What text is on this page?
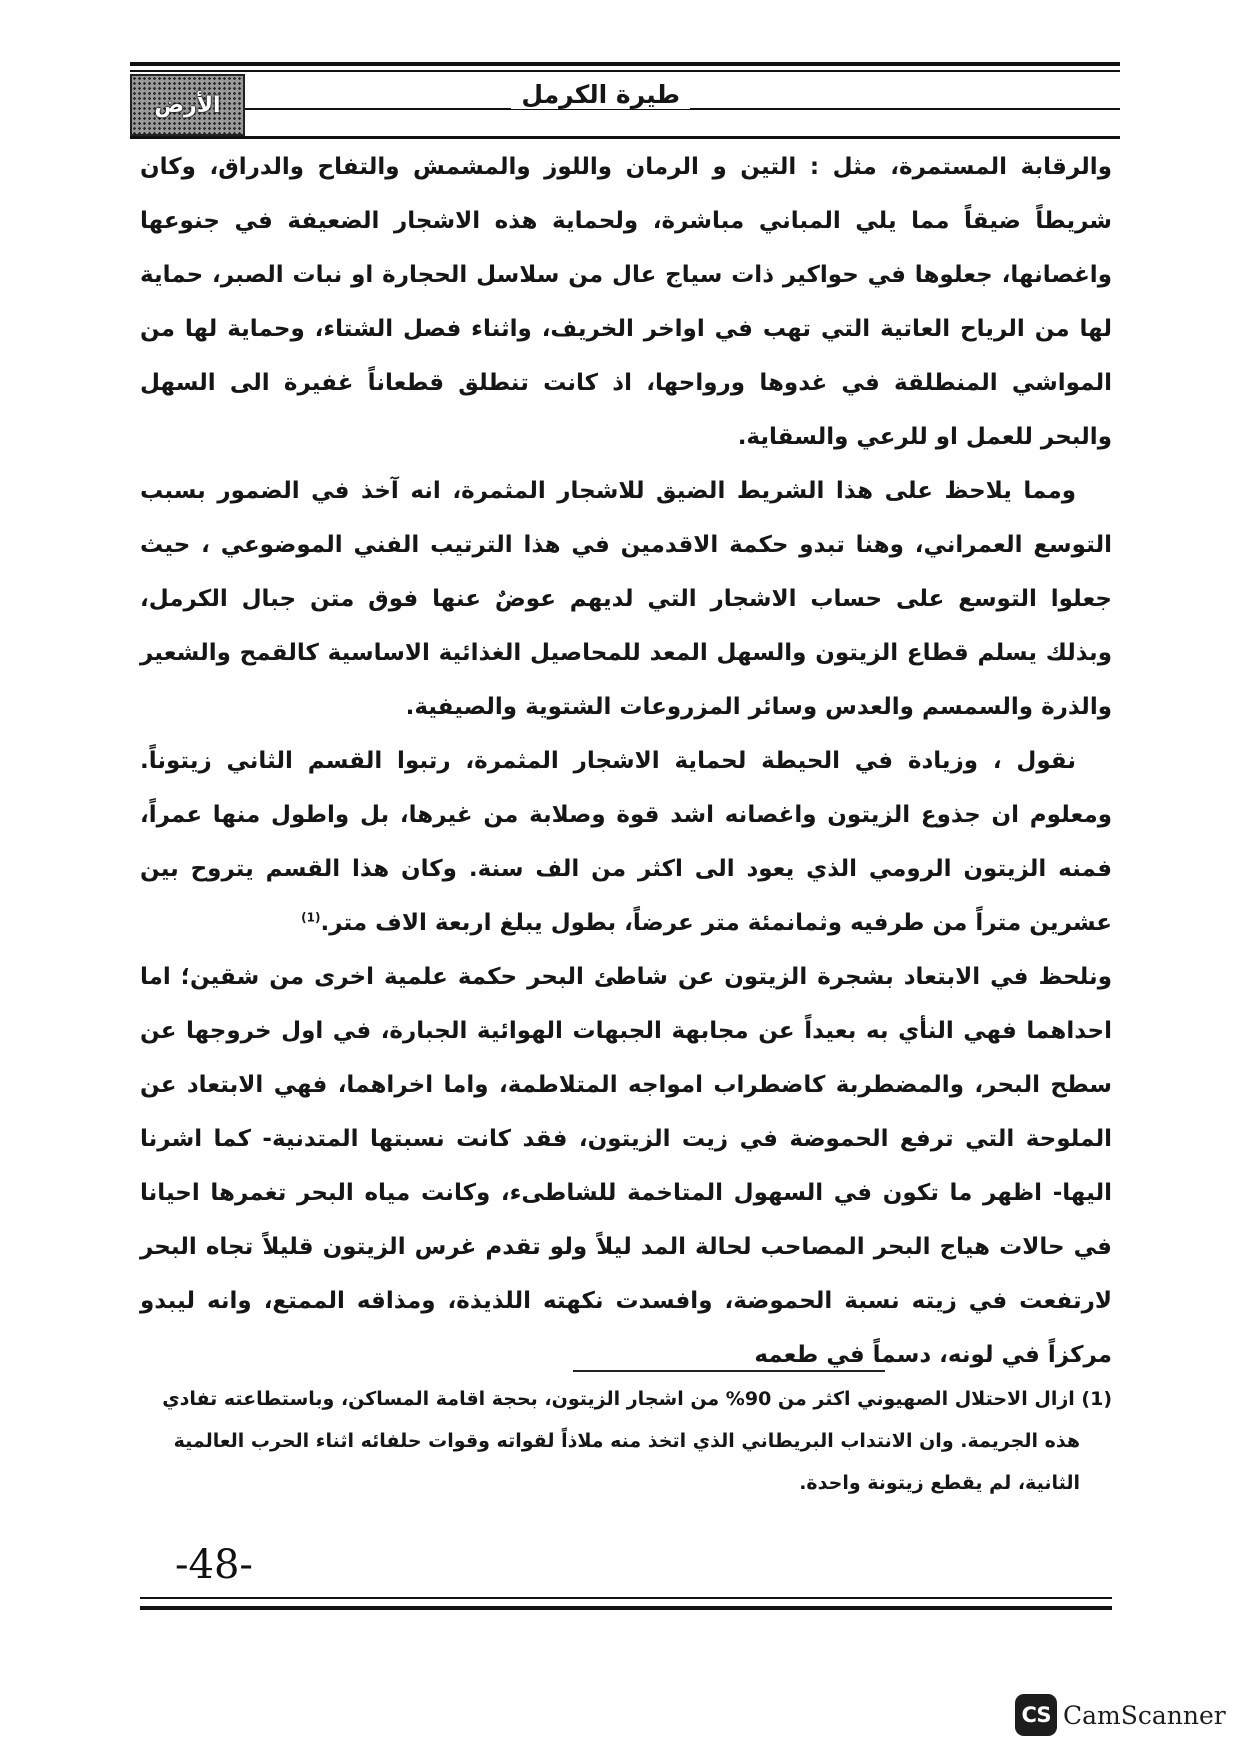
طيرة الكرمل
الأرض

والرقابة المستمرة، مثل : التين و الرمان واللوز والمشمش والتفاح والدراق، وكان شريطاً ضيقاً مما يلي المباني مباشرة، ولحماية هذه الاشجار الضعيفة في جنوعها واغصانها، جعلوها في حواكير ذات سياج عال من سلاسل الحجارة او نبات الصبر، حماية لها من الرياح العاتية التي تهب في اواخر الخريف، واثناء فصل الشتاء، وحماية لها من المواشي المنطلقة في غدوها ورواحها، اذ كانت تنطلق قطعاناً غفيرة الى السهل والبحر للعمل او للرعي والسقاية.

ومما يلاحظ على هذا الشريط الضيق للاشجار المثمرة، انه آخذ في الضمور بسبب التوسع العمراني، وهنا تبدو حكمة الاقدمين في هذا الترتيب الفني الموضوعي ، حيث جعلوا التوسع على حساب الاشجار التي لديهم عوضٌ عنها فوق متن جبال الكرمل، وبذلك يسلم قطاع الزيتون والسهل المعد للمحاصيل الغذائية الاساسية كالقمح والشعير والذرة والسمسم والعدس وسائر المزروعات الشتوية والصيفية.

نقول ، وزيادة في الحيطة لحماية الاشجار المثمرة، رتبوا القسم الثاني زيتوناً. ومعلوم ان جذوع الزيتون واغصانه اشد قوة وصلابة من غيرها، بل واطول منها عمراً، فمنه الزيتون الرومي الذي يعود الى اكثر من الف سنة. وكان هذا القسم يتروح بين عشرين متراً من طرفيه وثمانمئة متر عرضاً، بطول يبلغ اربعة الاف متر.$^{(1)}$

ونلحظ في الابتعاد بشجرة الزيتون عن شاطئ البحر حكمة علمية اخرى من شقين؛ اما احداهما فهي النأي به بعيداً عن مجابهة الجبهات الهوائية الجبارة، في اول خروجها عن سطح البحر، والمضطربة كاضطراب امواجه المتلاطمة، واما اخراهما، فهي الابتعاد عن الملوحة التي ترفع الحموضة في زيت الزيتون، فقد كانت نسبتها المتدنية- كما اشرنا اليها- اظهر ما تكون في السهول المتاخمة للشاطىء، وكانت مياه البحر تغمرها احيانا في حالات هياج البحر المصاحب لحالة المد ليلاً ولو تقدم غرس الزيتون قليلاً تجاه البحر لارتفعت في زيته نسبة الحموضة، وافسدت نكهته اللذيذة، ومذاقه الممتع، وانه ليبدو مركزاً في لونه، دسماً في طعمه

(1) ازال الاحتلال الصهيوني اكثر من 90% من اشجار الزيتون، بحجة اقامة المساكن، وباستطاعته تفادي

هذه الجريمة. وان الانتداب البريطاني الذي اتخذ منه ملاذاً لقواته وقوات حلفائه اثناء الحرب العالمية

الثانية، لم يقطع زيتونة واحدة.

-48-
CS CamScanner
